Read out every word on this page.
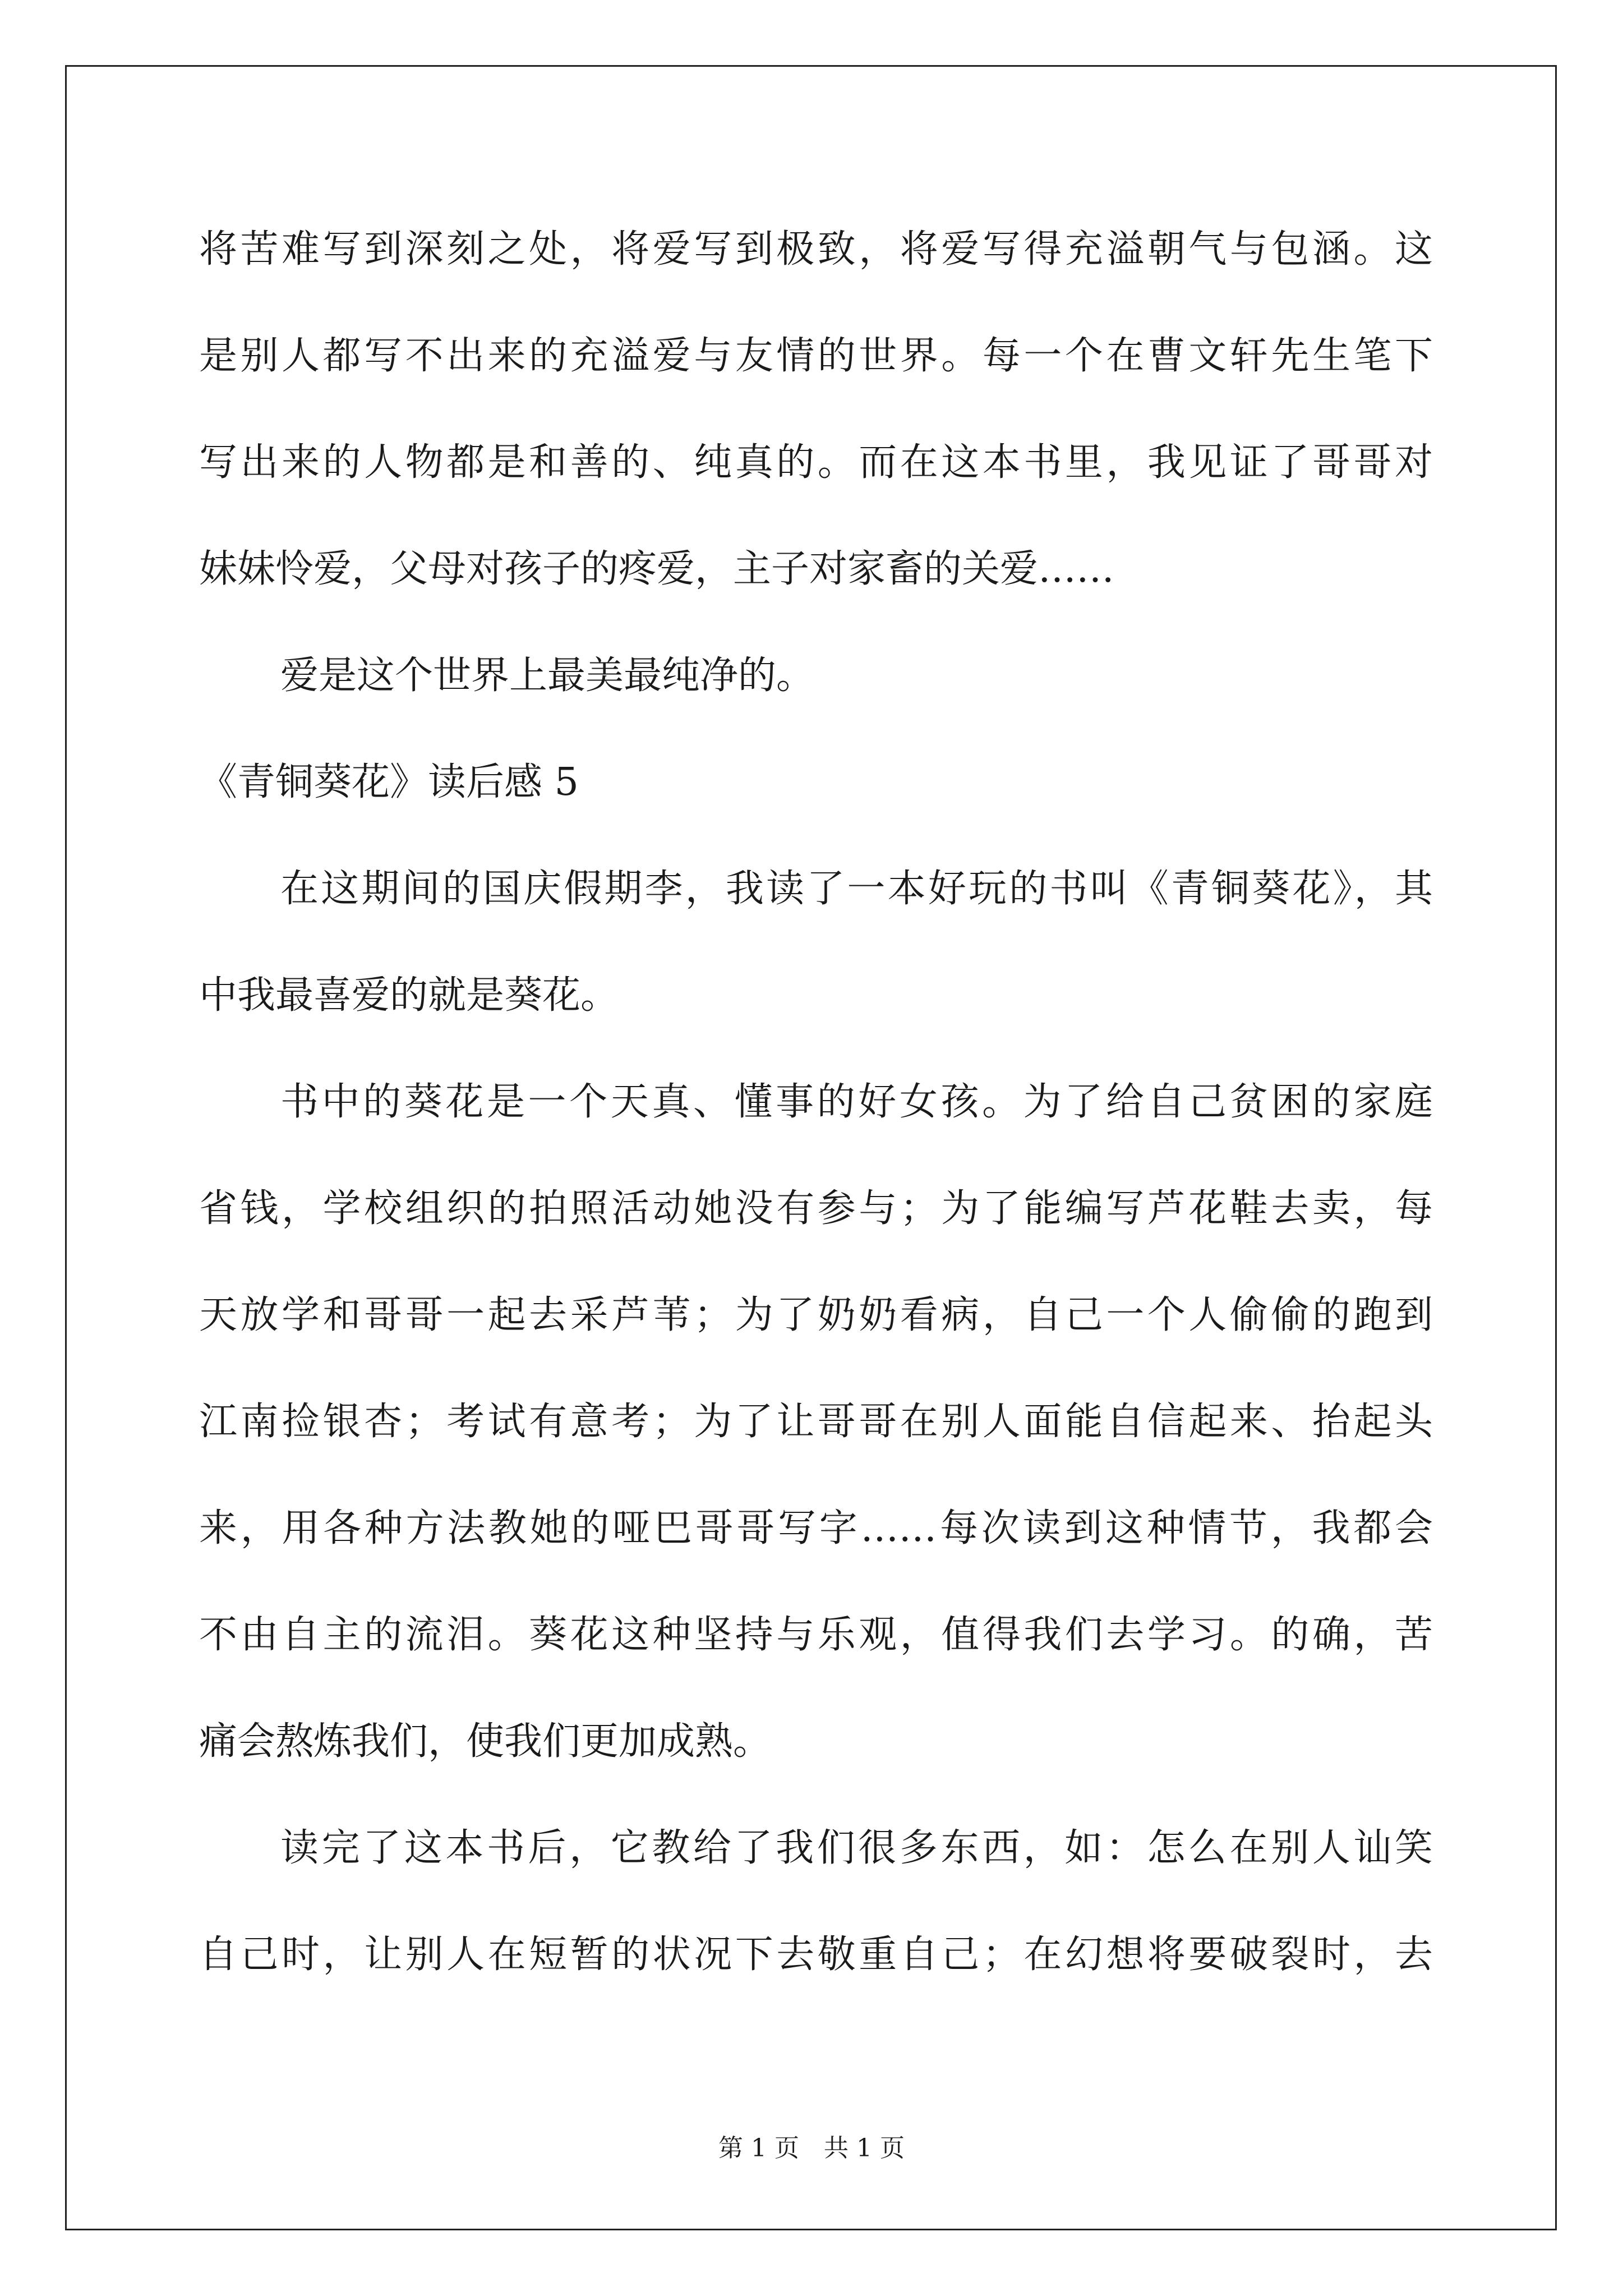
将苦难写到深刻之处，将爱写到极致，将爱写得充溢朝气与包涵。这
是别人都写不出来的充溢爱与友情的世界。每一个在曹文轩先生笔下
写出来的人物都是和善的、纯真的。而在这本书里，我见证了哥哥对
妹妹怜爱，父母对孩子的疼爱，主子对家畜的关爱……
爱是这个世界上最美最纯净的。
《青铜葵花》读后感 5
在这期间的国庆假期李，我读了一本好玩的书叫《青铜葵花》，其
中我最喜爱的就是葵花。
书中的葵花是一个天真、懂事的好女孩。为了给自己贫困的家庭
省钱，学校组织的拍照活动她没有参与；为了能编写芦花鞋去卖，每
天放学和哥哥一起去采芦苇；为了奶奶看病，自己一个人偷偷的跑到
江南捡银杏；考试有意考；为了让哥哥在别人面能自信起来、抬起头
来，用各种方法教她的哑巴哥哥写字……每次读到这种情节，我都会
不由自主的流泪。葵花这种坚持与乐观，值得我们去学习。的确，苦
痛会熬炼我们，使我们更加成熟。
读完了这本书后，它教给了我们很多东西，如：怎么在别人讪笑
自己时，让别人在短暂的状况下去敬重自己；在幻想将要破裂时，去
第 1 页　共 1 页
